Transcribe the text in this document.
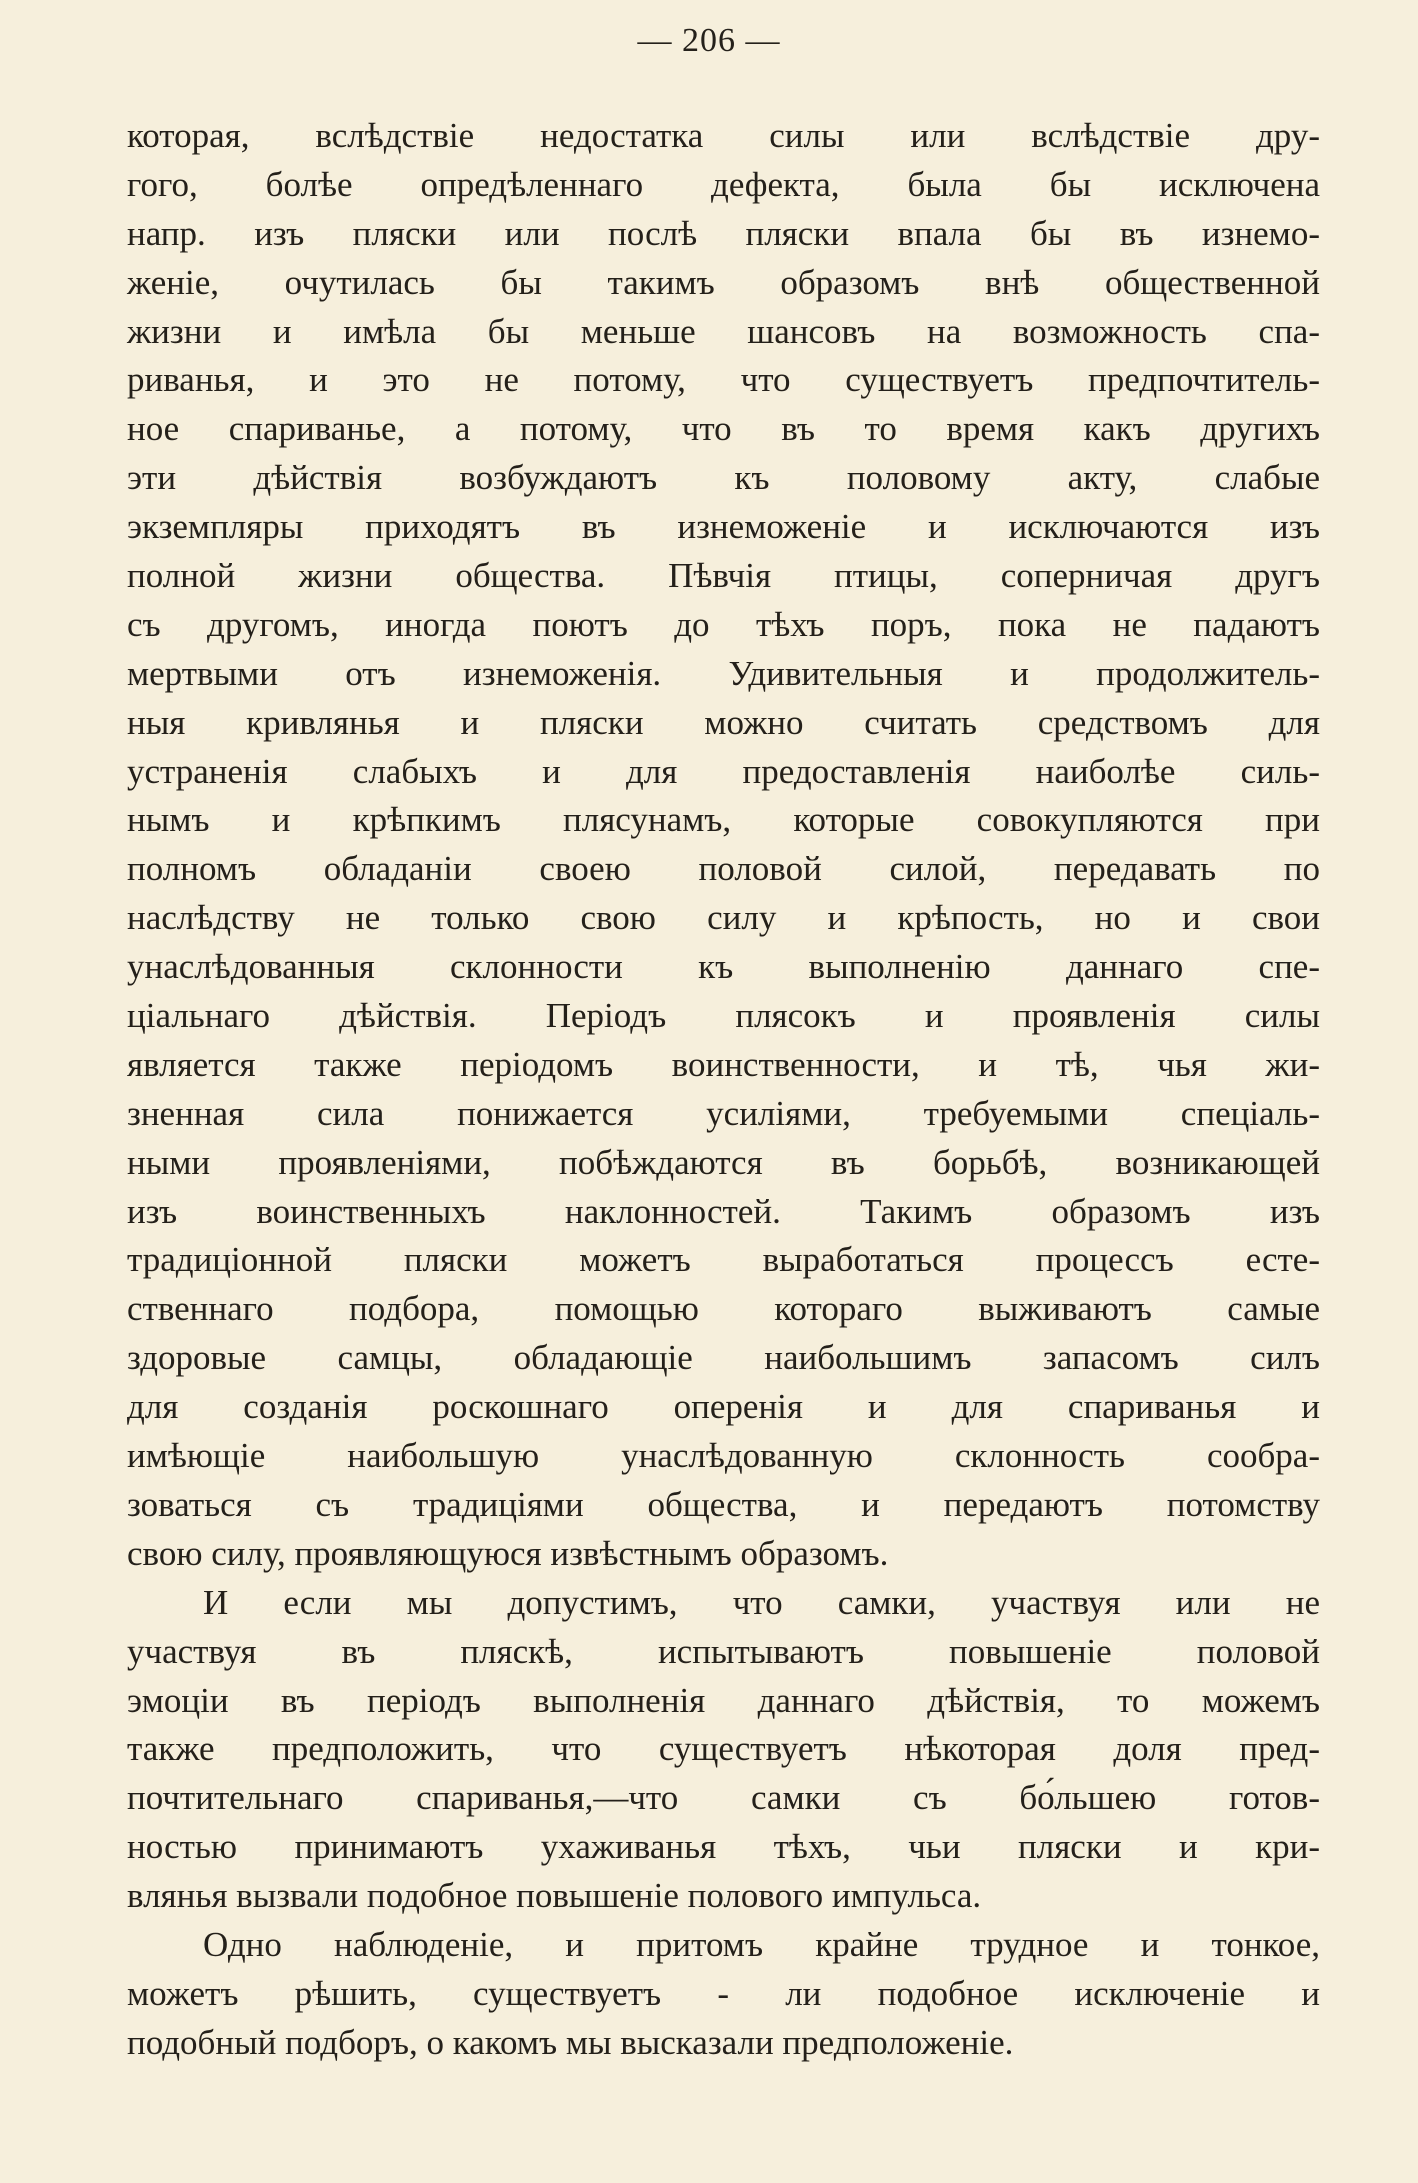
— 206 —
которая, вслѣдствіе недостатка силы или вслѣдствіе дру-
гого, болѣе опредѣленнаго дефекта, была бы исключена
напр. изъ пляски или послѣ пляски впала бы въ изнемо-
женіе, очутилась бы такимъ образомъ внѣ общественной
жизни и имѣла бы меньше шансовъ на возможность спа-
риванья, и это не потому, что существуетъ предпочтитель-
ное спариванье, а потому, что въ то время какъ другихъ
эти дѣйствія возбуждаютъ къ половому акту, слабые
экземпляры приходятъ въ изнеможеніе и исключаются изъ
полной жизни общества. Пѣвчія птицы, соперничая другъ
съ другомъ, иногда поютъ до тѣхъ поръ, пока не падаютъ
мертвыми отъ изнеможенія. Удивительныя и продолжитель-
ныя кривлянья и пляски можно считать средствомъ для
устраненія слабыхъ и для предоставленія наиболѣе силь-
нымъ и крѣпкимъ плясунамъ, которые совокупляются при
полномъ обладаніи своею половой силой, передавать по
наслѣдству не только свою силу и крѣпость, но и свои
унаслѣдованныя склонности къ выполненію даннаго спе-
ціальнаго дѣйствія. Періодъ плясокъ и проявленія силы
является также періодомъ воинственности, и тѣ, чья жи-
зненная сила понижается усиліями, требуемыми спеціаль-
ными проявленіями, побѣждаются въ борьбѣ, возникающей
изъ воинственныхъ наклонностей. Такимъ образомъ изъ
традиціонной пляски можетъ выработаться процессъ есте-
ственнаго подбора, помощью котораго выживаютъ самые
здоровые самцы, обладающіе наибольшимъ запасомъ силъ
для созданія роскошнаго оперенія и для спариванья и
имѣющіе наибольшую унаслѣдованную склонность сообра-
зоваться съ традиціями общества, и передаютъ потомству
свою силу, проявляющуюся извѣстнымъ образомъ.
И если мы допустимъ, что самки, участвуя или не
участвуя въ пляскѣ, испытываютъ повышеніе половой
эмоціи въ періодъ выполненія даннаго дѣйствія, то можемъ
также предположить, что существуетъ нѣкоторая доля пред-
почтительнаго спариванья,—что самки съ бо́льшею готов-
ностью принимаютъ ухаживанья тѣхъ, чьи пляски и кри-
влянья вызвали подобное повышеніе полового импульса.
Одно наблюденіе, и притомъ крайне трудное и тонкое,
можетъ рѣшить, существуетъ - ли подобное исключеніе и
подобный подборъ, о какомъ мы высказали предположеніе.
